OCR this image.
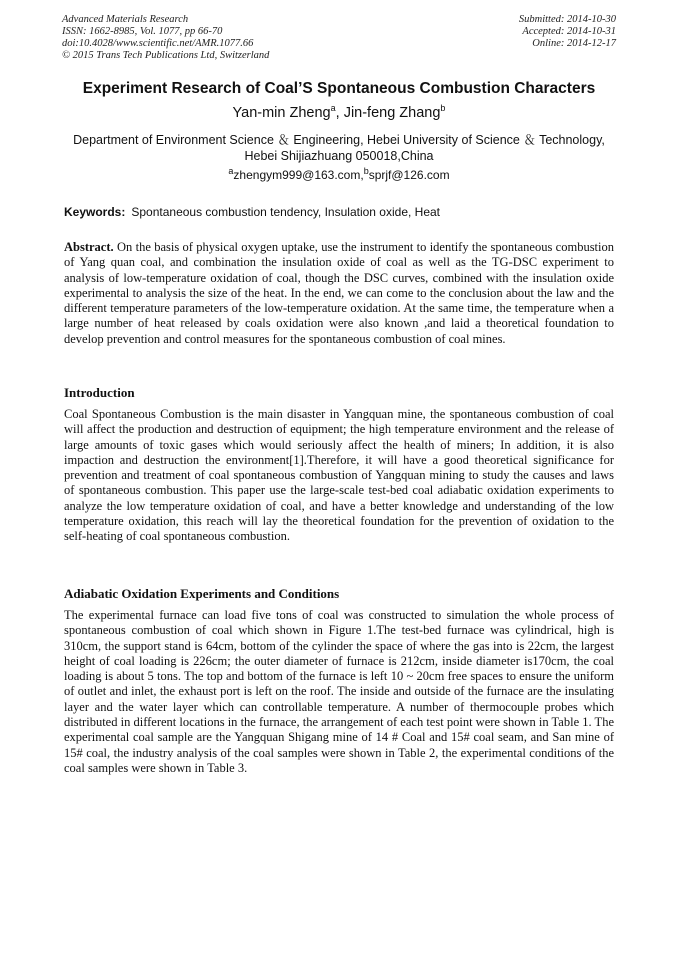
Advanced Materials Research
ISSN: 1662-8985, Vol. 1077, pp 66-70
doi:10.4028/www.scientific.net/AMR.1077.66
© 2015 Trans Tech Publications Ltd, Switzerland
Submitted: 2014-10-30
Accepted: 2014-10-31
Online: 2014-12-17
Experiment Research of Coal’S Spontaneous Combustion Characters
Yan-min Zheng$^a$, Jin-feng Zhang$^b$
Department of Environment Science ＆ Engineering, Hebei University of Science ＆ Technology,
Hebei Shijiazhuang 050018,China
$^a$zhengym999@163.com,$^b$sprjf@126.com
Keywords: Spontaneous combustion tendency, Insulation oxide, Heat
Abstract. On the basis of physical oxygen uptake, use the instrument to identify the spontaneous combustion of Yang quan coal, and combination the insulation oxide of coal as well as the TG-DSC experiment to analysis of low-temperature oxidation of coal, though the DSC curves, combined with the insulation oxide experimental to analysis the size of the heat. In the end, we can come to the conclusion about the law and the different temperature parameters of the low-temperature oxidation. At the same time, the temperature when a large number of heat released by coals oxidation were also known ,and laid a theoretical foundation to develop prevention and control measures for the spontaneous combustion of coal mines.
Introduction
Coal Spontaneous Combustion is the main disaster in Yangquan mine, the spontaneous combustion of coal will affect the production and destruction of equipment; the high temperature environment and the release of large amounts of toxic gases which would seriously affect the health of miners; In addition, it is also impaction and destruction the environment[1].Therefore, it will have a good theoretical significance for prevention and treatment of coal spontaneous combustion of Yangquan mining to study the causes and laws of spontaneous combustion. This paper use the large-scale test-bed coal adiabatic oxidation experiments to analyze the low temperature oxidation of coal, and have a better knowledge and understanding of the low temperature oxidation, this reach will lay the theoretical foundation for the prevention of oxidation to the self-heating of coal spontaneous combustion.
Adiabatic Oxidation Experiments and Conditions
The experimental furnace can load five tons of coal was constructed to simulation the whole process of spontaneous combustion of coal which shown in Figure 1.The test-bed furnace was cylindrical, high is 310cm, the support stand is 64cm, bottom of the cylinder the space of where the gas into is 22cm, the largest height of coal loading is 226cm; the outer diameter of furnace is 212cm, inside diameter is170cm, the coal loading is about 5 tons. The top and bottom of the furnace is left 10 ~ 20cm free spaces to ensure the uniform of outlet and inlet, the exhaust port is left on the roof. The inside and outside of the furnace are the insulating layer and the water layer which can controllable temperature. A number of thermocouple probes which distributed in different locations in the furnace, the arrangement of each test point were shown in Table 1. The experimental coal sample are the Yangquan Shigang mine of 14 # Coal and 15# coal seam, and San mine of 15# coal, the industry analysis of the coal samples were shown in Table 2, the experimental conditions of the coal samples were shown in Table 3.
